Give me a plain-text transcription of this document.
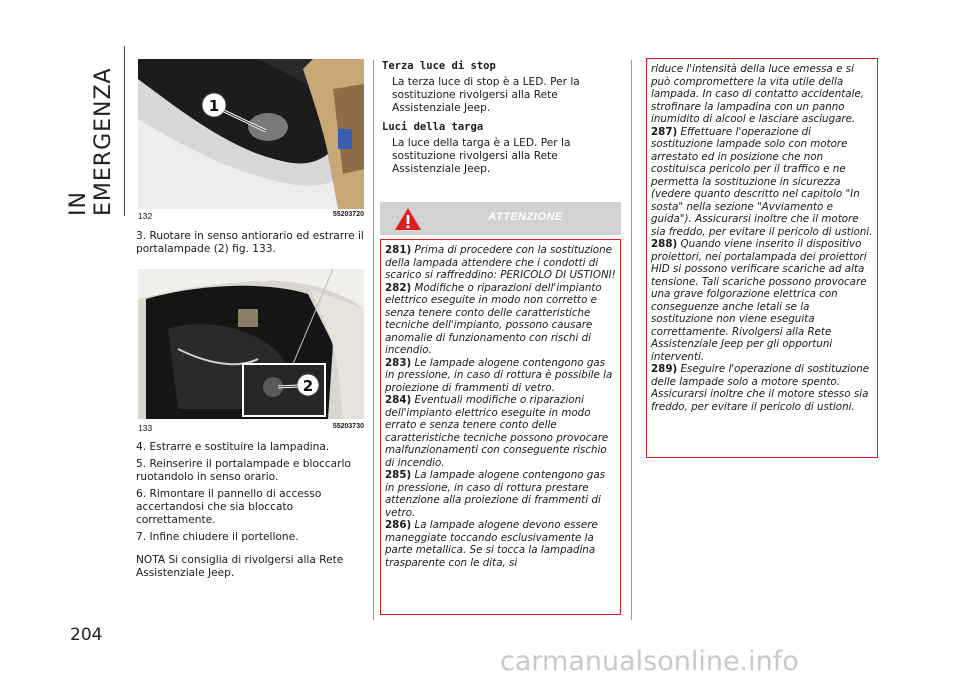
IN EMERGENZA	1
132	55203720

3. Ruotare in senso antiorario ed estrarre il portalampade (2) fig. 133.

2
133	55203730

4. Estrarre e sostituire la lampadina.

5. Reinserire il portalampade e bloccarlo ruotandolo in senso orario.

6. Rimontare il pannello di accesso accertandosi che sia bloccato correttamente.

7. Infine chiudere il portellone.

NOTA Si consiglia di rivolgersi alla Rete Assistenziale Jeep.

Terza luce di stop

La terza luce di stop è a LED. Per la sostituzione rivolgersi alla Rete Assistenziale Jeep.

Luci della targa

La luce della targa è a LED. Per la sostituzione rivolgersi alla Rete Assistenziale Jeep.

ATTENZIONE

281) Prima di procedere con la sostituzione della lampada attendere che i condotti di scarico si raffreddino: PERICOLO DI USTIONI!

282) Modifiche o riparazioni dell'impianto elettrico eseguite in modo non corretto e senza tenere conto delle caratteristiche tecniche dell'impianto, possono causare anomalie di funzionamento con rischi di incendio.

283) Le lampade alogene contengono gas in pressione, in caso di rottura è possibile la proiezione di frammenti di vetro.

284) Eventuali modifiche o riparazioni dell'impianto elettrico eseguite in modo errato e senza tenere conto delle caratteristiche tecniche possono provocare malfunzionamenti con conseguente rischio di incendio.

285) La lampade alogene contengono gas in pressione, in caso di rottura prestare attenzione alla proiezione di frammenti di vetro.

286) La lampade alogene devono essere maneggiate toccando esclusivamente la parte metallica. Se si tocca la lampadina trasparente con le dita, si

riduce l'intensità della luce emessa e si può compromettere la vita utile della lampada. In caso di contatto accidentale, strofinare la lampadina con un panno inumidito di alcool e lasciare asciugare.

287) Effettuare l'operazione di sostituzione lampade solo con motore arrestato ed in posizione che non costituisca pericolo per il traffico e ne permetta la sostituzione in sicurezza (vedere quanto descritto nel capitolo "In sosta" nella sezione "Avviamento e guida"). Assicurarsi inoltre che il motore sia freddo, per evitare il pericolo di ustioni.

288) Quando viene inserito il dispositivo proiettori, nei portalampada dei proiettori HID si possono verificare scariche ad alta tensione. Tali scariche possono provocare una grave folgorazione elettrica con conseguenze anche letali se la sostituzione non viene eseguita correttamente. Rivolgersi alla Rete Assistenziale Jeep per gli opportuni interventi.

289) Eseguire l'operazione di sostituzione delle lampade solo a motore spento. Assicurarsi inoltre che il motore stesso sia freddo, per evitare il pericolo di ustioni.

204
carmanualsonline.info
